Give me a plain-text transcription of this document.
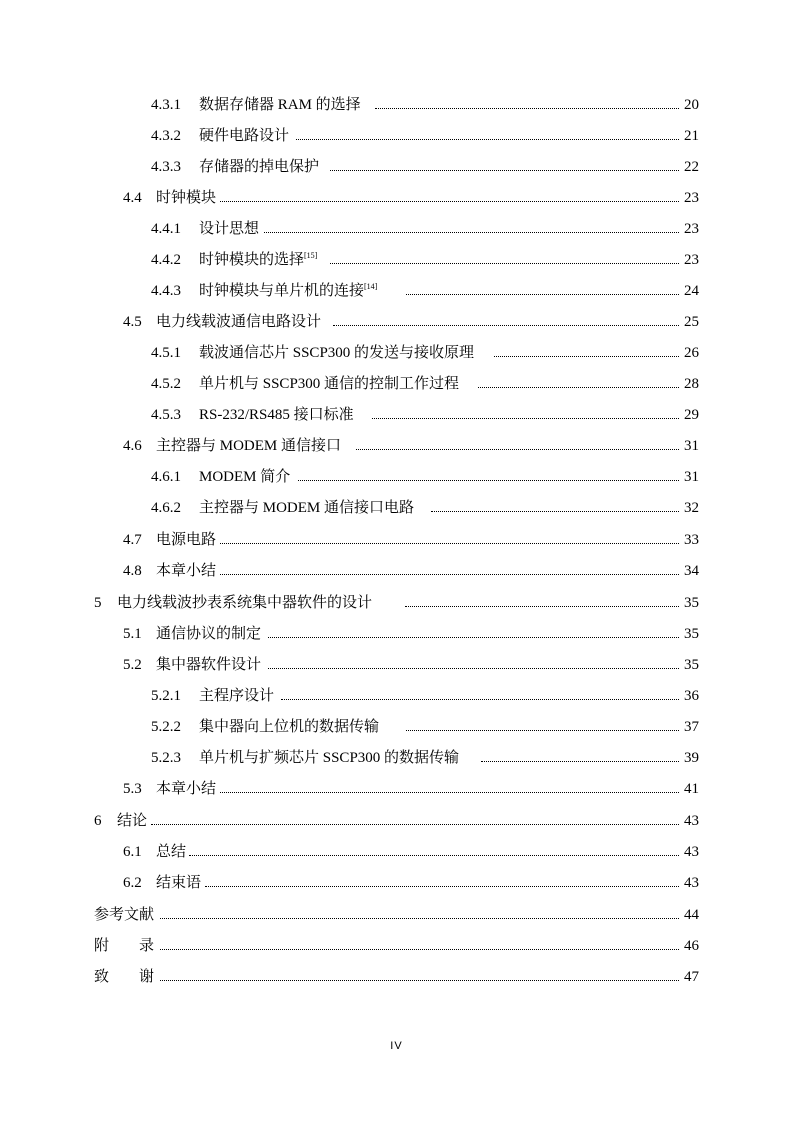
4.3.1 数据存储器 RAM 的选择	20
4.3.2 硬件电路设计	21
4.3.3 存储器的掉电保护	22
4.4 时钟模块	23
4.4.1 设计思想	23
4.4.2 时钟模块的选择[15]	23
4.4.3 时钟模块与单片机的连接[14]	24
4.5 电力线载波通信电路设计	25
4.5.1 载波通信芯片 SSCP300 的发送与接收原理	26
4.5.2 单片机与 SSCP300 通信的控制工作过程	28
4.5.3 RS-232/RS485 接口标准	29
4.6 主控器与 MODEM 通信接口	31
4.6.1 MODEM 简介	31
4.6.2 主控器与 MODEM 通信接口电路	32
4.7 电源电路	33
4.8 本章小结	34
5 电力线载波抄表系统集中器软件的设计	35
5.1 通信协议的制定	35
5.2 集中器软件设计	35
5.2.1 主程序设计	36
5.2.2 集中器向上位机的数据传输	37
5.2.3 单片机与扩频芯片 SSCP300 的数据传输	39
5.3 本章小结	41
6 结论	43
6.1 总结	43
6.2 结束语	43
参考文献	44
附　　录	46
致　　谢	47
IV
